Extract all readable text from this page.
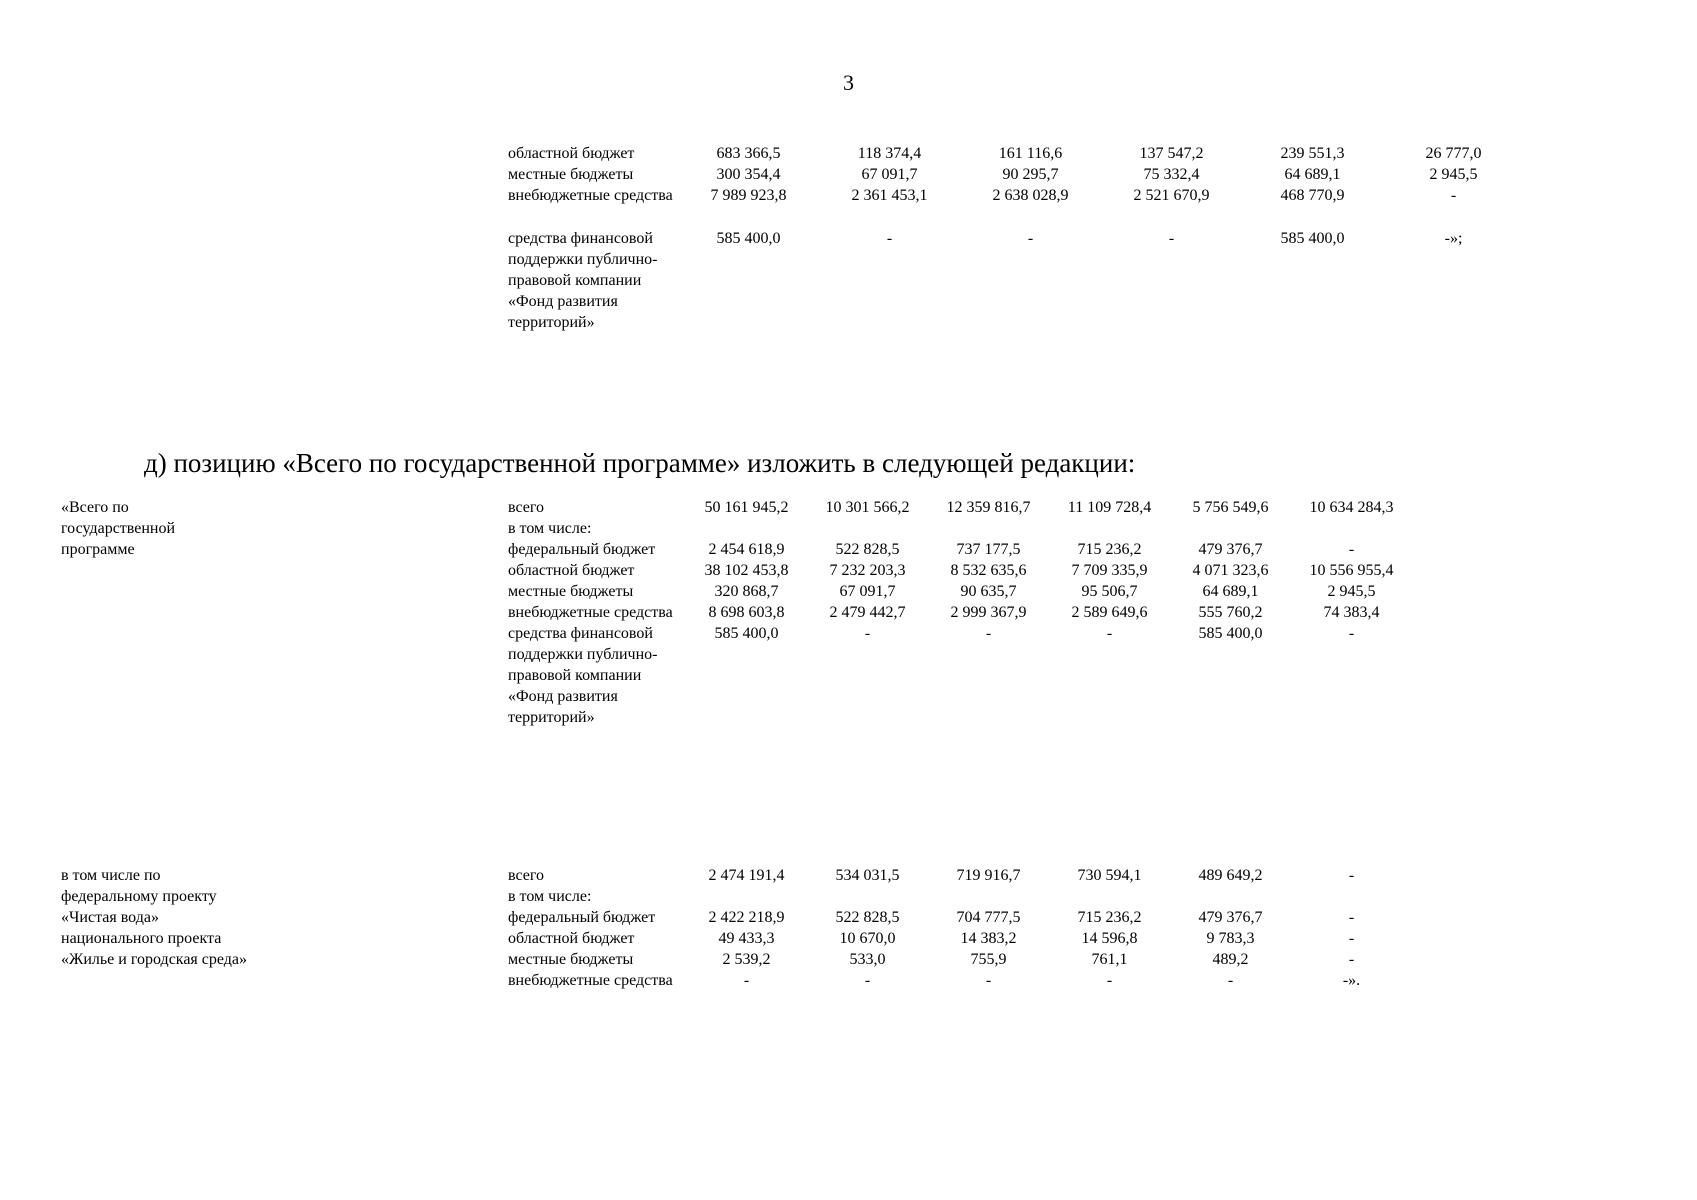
3
областной бюджет	683 366,5	118 374,4	161 116,6	137 547,2	239 551,3	26 777,0
местные бюджеты	300 354,4	67 091,7	90 295,7	75 332,4	64 689,1	2 945,5
внебюджетные средства	7 989 923,8	2 361 453,1	2 638 028,9	2 521 670,9	468 770,9	-
средства финансовой поддержки публично-правовой компании «Фонд развития территорий»	585 400,0	-	-	-	585 400,0	-»;
д) позицию «Всего по государственной программе» изложить в следующей редакции:
«Всего по государственной программе	всего	50 161 945,2	10 301 566,2	12 359 816,7	11 109 728,4	5 756 549,6	10 634 284,3
	в том числе:						
	федеральный бюджет	2 454 618,9	522 828,5	737 177,5	715 236,2	479 376,7	-
	областной бюджет	38 102 453,8	7 232 203,3	8 532 635,6	7 709 335,9	4 071 323,6	10 556 955,4
	местные бюджеты	320 868,7	67 091,7	90 635,7	95 506,7	64 689,1	2 945,5
	внебюджетные средства	8 698 603,8	2 479 442,7	2 999 367,9	2 589 649,6	555 760,2	74 383,4
	средства финансовой поддержки публично-правовой компании «Фонд развития территорий»	585 400,0	-	-	-	585 400,0	-
в том числе по федеральному проекту «Чистая вода» национального проекта «Жилье и городская среда»	всего	2 474 191,4	534 031,5	719 916,7	730 594,1	489 649,2	-
	в том числе:						
	федеральный бюджет	2 422 218,9	522 828,5	704 777,5	715 236,2	479 376,7	-
	областной бюджет	49 433,3	10 670,0	14 383,2	14 596,8	9 783,3	-
	местные бюджеты	2 539,2	533,0	755,9	761,1	489,2	-
	внебюджетные средства	-	-	-	-	-	-».
